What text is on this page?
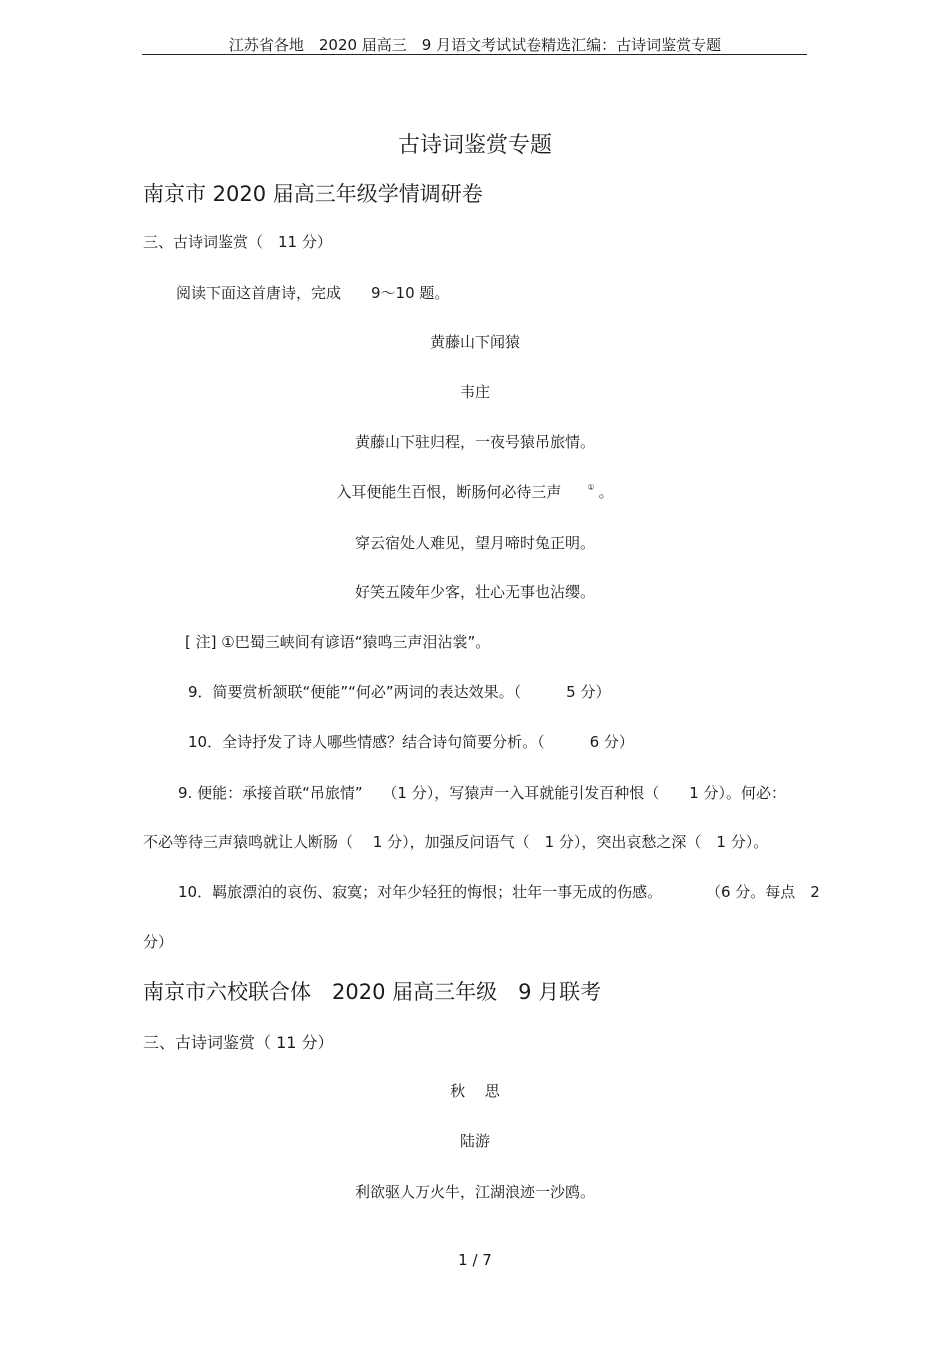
江苏省各地　2020 届高三　9 月语文考试试卷精选汇编：古诗词鉴赏专题
古诗词鉴赏专题
南京市 2020 届高三年级学情调研卷
三、古诗词鉴赏（　11 分）
阅读下面这首唐诗，完成　　9～10 题。
黄藤山下闻猿
韦庄
黄藤山下驻归程，一夜号猿吊旅情。
入耳便能生百恨，断肠何必待三声	① 。
穿云宿处人难见，望月啼时兔正明。
好笑五陵年少客，壮心无事也沾缨。
[ 注] ①巴蜀三峡间有谚语“猿鸣三声泪沾裳”。
9．简要赏析颔联“便能”“何必”两词的表达效果。（　　　5 分）
10．全诗抒发了诗人哪些情感？结合诗句简要分析。（　　　6 分）
9. 便能：承接首联“吊旅情”　 （1 分），写猿声一入耳就能引发百种恨（　　1 分）。何必：
不必等待三声猿鸣就让人断肠（　 1 分），加强反问语气（　1 分），突出哀愁之深（　1 分）。
10．羁旅漂泊的哀伤、寂寞；对年少轻狂的悔恨；壮年一事无成的伤感。	（6 分。每点　2
分）
南京市六校联合体　2020 届高三年级　9 月联考
三、古诗词鉴赏（ 11 分）
秋　 思
陆游
利欲驱人万火牛，江湖浪迹一沙鸥。
1 / 7
